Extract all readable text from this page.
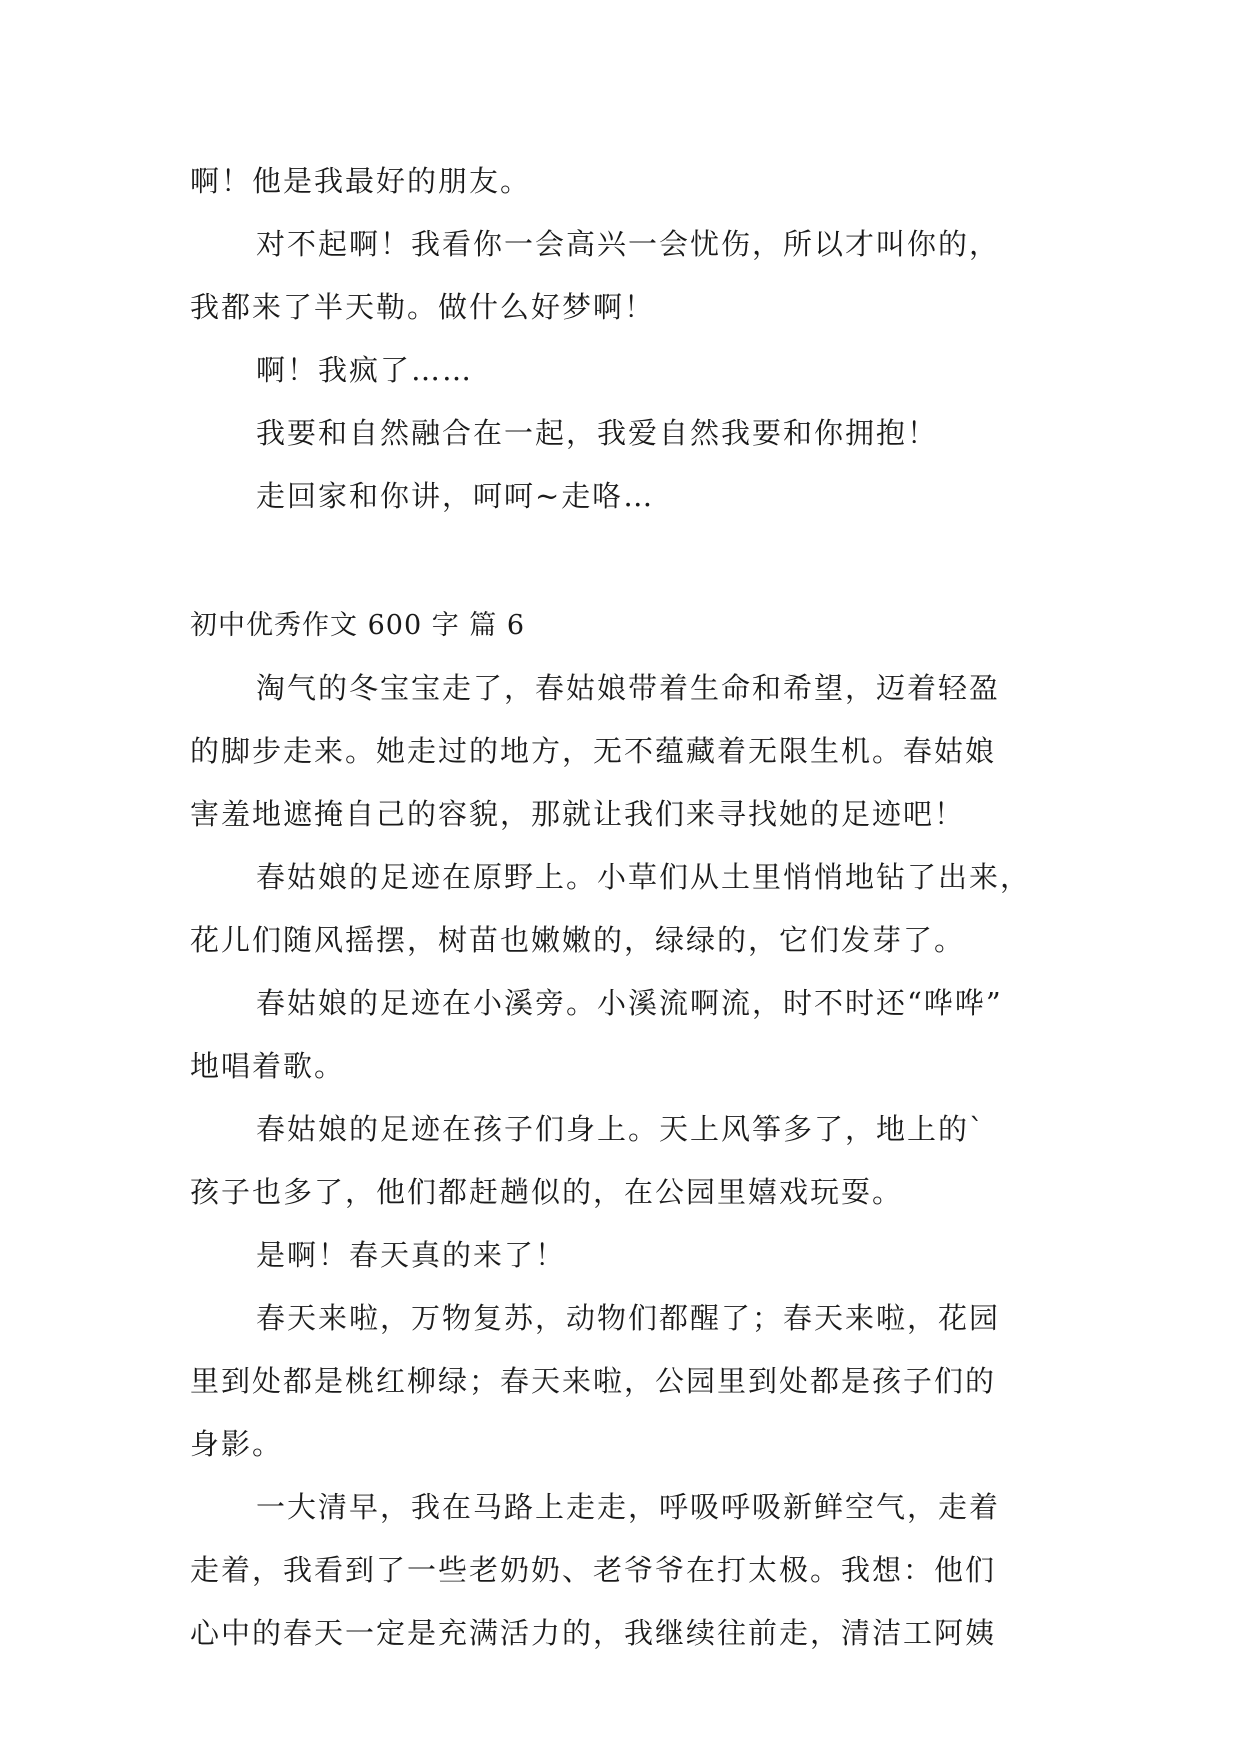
啊！他是我最好的朋友。
对不起啊！我看你一会高兴一会忧伤，所以才叫你的，
我都来了半天勒。做什么好梦啊！
啊！我疯了……
我要和自然融合在一起，我爱自然我要和你拥抱！
走回家和你讲，呵呵~走咯…
初中优秀作文 600 字 篇 6
淘气的冬宝宝走了，春姑娘带着生命和希望，迈着轻盈
的脚步走来。她走过的地方，无不蕴藏着无限生机。春姑娘
害羞地遮掩自己的容貌，那就让我们来寻找她的足迹吧！
春姑娘的足迹在原野上。小草们从土里悄悄地钻了出来，
花儿们随风摇摆，树苗也嫩嫩的，绿绿的，它们发芽了。
春姑娘的足迹在小溪旁。小溪流啊流，时不时还“哗哗”
地唱着歌。
春姑娘的足迹在孩子们身上。天上风筝多了，地上的`
孩子也多了，他们都赶趟似的，在公园里嬉戏玩耍。
是啊！春天真的来了！
春天来啦，万物复苏，动物们都醒了；春天来啦，花园
里到处都是桃红柳绿；春天来啦，公园里到处都是孩子们的
身影。
一大清早，我在马路上走走，呼吸呼吸新鲜空气，走着
走着，我看到了一些老奶奶、老爷爷在打太极。我想：他们
心中的春天一定是充满活力的，我继续往前走，清洁工阿姨
